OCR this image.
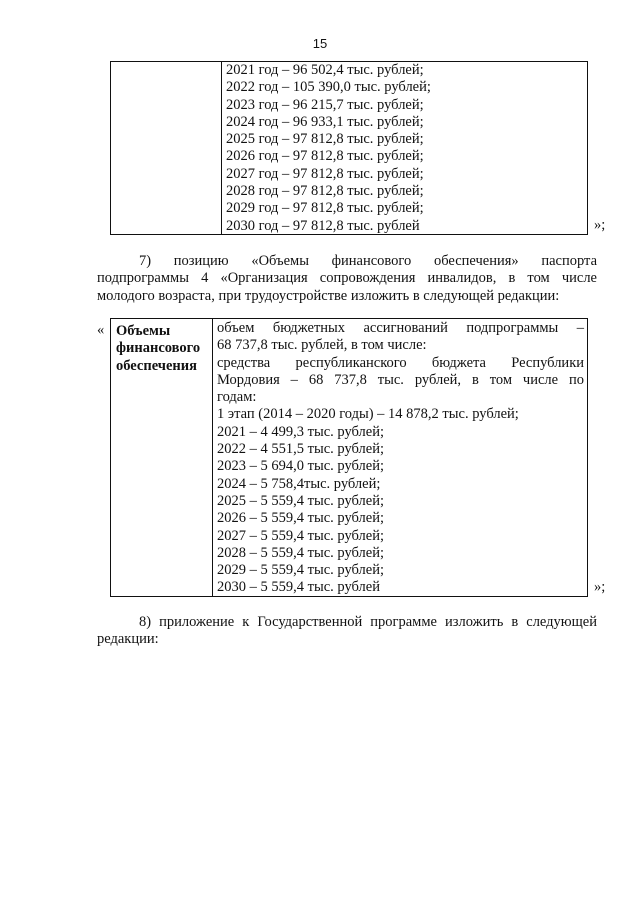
15
2021 год – 96 502,4 тыс. рублей;
2022 год – 105 390,0 тыс. рублей;
2023 год – 96 215,7 тыс. рублей;
2024 год – 96 933,1 тыс. рублей;
2025 год – 97 812,8 тыс. рублей;
2026 год – 97 812,8 тыс. рублей;
2027 год – 97 812,8 тыс. рублей;
2028 год – 97 812,8 тыс. рублей;
2029 год – 97 812,8 тыс. рублей;
2030 год – 97 812,8 тыс. рублей	»;
7) позицию «Объемы финансового обеспечения» паспорта
подпрограммы 4 «Организация сопровождения инвалидов, в том числе
молодого возраста, при трудоустройстве изложить в следующей редакции:
« Объемы
финансового
обеспечения
объем бюджетных ассигнований подпрограммы –
68 737,8 тыс. рублей, в том числе:
средства республиканского бюджета Республики
Мордовия – 68 737,8 тыс. рублей, в том числе по
годам:
1 этап (2014 – 2020 годы) – 14 878,2 тыс. рублей;
2021 – 4 499,3 тыс. рублей;
2022 – 4 551,5 тыс. рублей;
2023 – 5 694,0 тыс. рублей;
2024 – 5 758,4тыс. рублей;
2025 – 5 559,4 тыс. рублей;
2026 – 5 559,4 тыс. рублей;
2027 – 5 559,4 тыс. рублей;
2028 – 5 559,4 тыс. рублей;
2029 – 5 559,4 тыс. рублей;
2030 – 5 559,4 тыс. рублей	»;
8) приложение к Государственной программе изложить в следующей
редакции:
